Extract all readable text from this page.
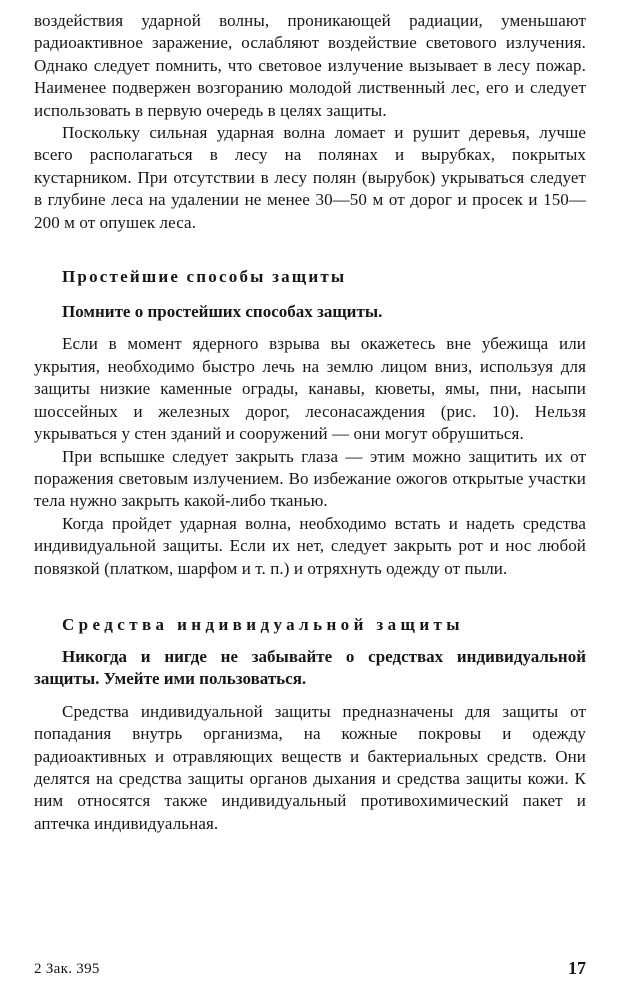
воздействия ударной волны, проникающей радиации, уменьшают радиоактивное заражение, ослабляют воздействие светового излучения. Однако следует помнить, что световое излучение вызывает в лесу пожар. Наименее подвержен возгоранию молодой лиственный лес, его и следует использовать в первую очередь в целях защиты.

Поскольку сильная ударная волна ломает и рушит деревья, лучше всего располагаться в лесу на полянах и вырубках, покрытых кустарником. При отсутствии в лесу полян (вырубок) укрываться следует в глубине леса на удалении не менее 30—50 м от дорог и просек и 150—200 м от опушек леса.

Простейшие способы защиты

Помните о простейших способах защиты.

Если в момент ядерного взрыва вы окажетесь вне убежища или укрытия, необходимо быстро лечь на землю лицом вниз, используя для защиты низкие каменные ограды, канавы, кюветы, ямы, пни, насыпи шоссейных и железных дорог, лесонасаждения (рис. 10). Нельзя укрываться у стен зданий и сооружений — они могут обрушиться.

При вспышке следует закрыть глаза — этим можно защитить их от поражения световым излучением. Во избежание ожогов открытые участки тела нужно закрыть какой-либо тканью.

Когда пройдет ударная волна, необходимо встать и надеть средства индивидуальной защиты. Если их нет, следует закрыть рот и нос любой повязкой (платком, шарфом и т. п.) и отряхнуть одежду от пыли.

Средства индивидуальной защиты

Никогда и нигде не забывайте о средствах индивидуальной защиты. Умейте ими пользоваться.

Средства индивидуальной защиты предназначены для защиты от попадания внутрь организма, на кожные покровы и одежду радиоактивных и отравляющих веществ и бактериальных средств. Они делятся на средства защиты органов дыхания и средства защиты кожи. К ним относятся также индивидуальный противохимический пакет и аптечка индивидуальная.

2 Зак. 395	17
